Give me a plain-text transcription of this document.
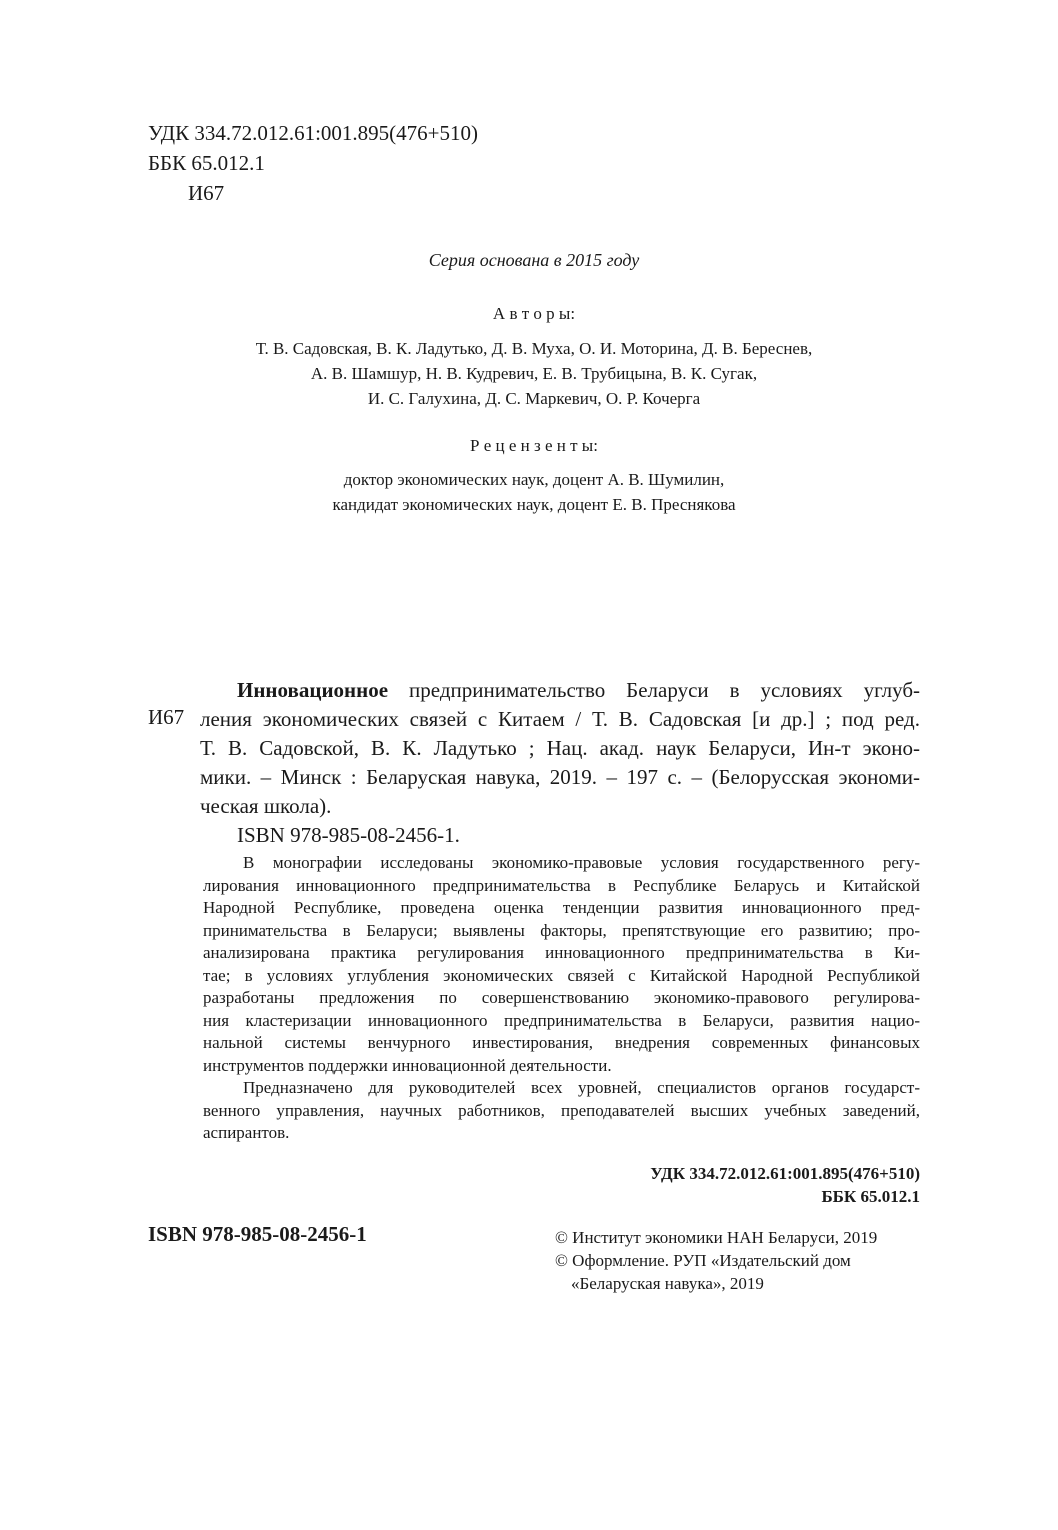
УДК 334.72.012.61:001.895(476+510)
ББК 65.012.1
И67
Серия основана в 2015 году
А в т о р ы:
Т. В. Садовская, В. К. Ладутько, Д. В. Муха, О. И. Моторина, Д. В. Береснев,
А. В. Шамшур, Н. В. Кудревич, Е. В. Трубицына, В. К. Сугак,
И. С. Галухина, Д. С. Маркевич, О. Р. Кочерга
Р е ц е н з е н т ы:
доктор экономических наук, доцент А. В. Шумилин,
кандидат экономических наук, доцент Е. В. Преснякова
И67
Инновационное предпринимательство Беларуси в условиях углуб-
ления экономических связей с Китаем / Т. В. Садовская [и др.] ; под ред.
Т. В. Садовской, В. К. Ладутько ; Нац. акад. наук Беларуси, Ин-т эконо-
мики. – Минск : Беларуская навука, 2019. – 197 с. – (Белорусская экономи-
ческая школа).
ISBN 978-985-08-2456-1.

В монографии исследованы экономико-правовые условия государственного регу-

лирования инновационного предпринимательства в Республике Беларусь и Китайской

Народной Республике, проведена оценка тенденции развития инновационного пред-

принимательства в Беларуси; выявлены факторы, препятствующие его развитию; про-

анализирована практика регулирования инновационного предпринимательства в Ки-

тае; в условиях углубления экономических связей с Китайской Народной Республикой

разработаны предложения по совершенствованию экономико-правового регулирова-

ния кластеризации инновационного предпринимательства в Беларуси, развития нацио-

нальной системы венчурного инвестирования, внедрения современных финансовых

инструментов поддержки инновационной деятельности.

Предназначено для руководителей всех уровней, специалистов органов государст-

венного управления, научных работников, преподавателей высших учебных заведений,

аспирантов.

УДК 334.72.012.61:001.895(476+510)
ББК 65.012.1
ISBN 978-985-08-2456-1	© Институт экономики НАН Беларуси, 2019
© Оформление. РУП «Издательский дом
«Беларуская навука», 2019
